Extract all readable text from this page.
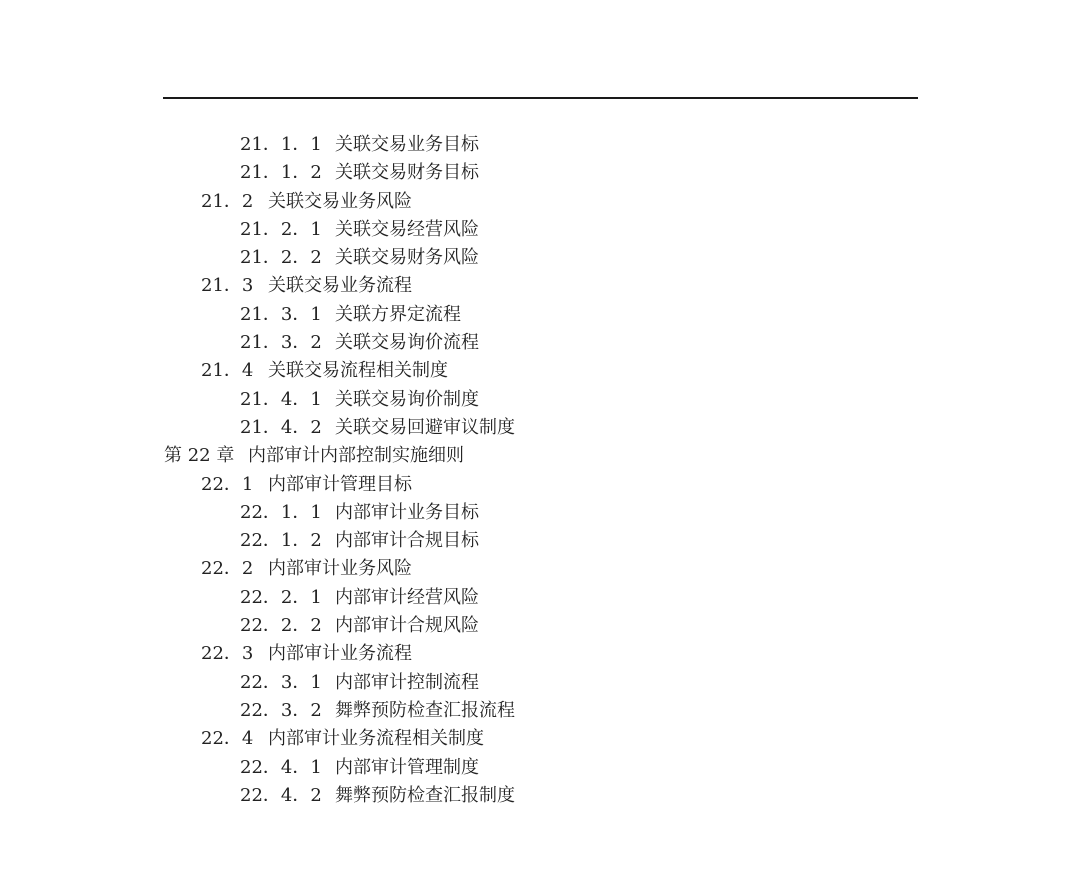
21．1．1 关联交易业务目标
21．1．2 关联交易财务目标
21．2 关联交易业务风险
21．2．1 关联交易经营风险
21．2．2 关联交易财务风险
21．3 关联交易业务流程
21．3．1 关联方界定流程
21．3．2 关联交易询价流程
21．4 关联交易流程相关制度
21．4．1 关联交易询价制度
21．4．2 关联交易回避审议制度
第 22 章 内部审计内部控制实施细则
22．1 内部审计管理目标
22．1．1 内部审计业务目标
22．1．2 内部审计合规目标
22．2 内部审计业务风险
22．2．1 内部审计经营风险
22．2．2 内部审计合规风险
22．3 内部审计业务流程
22．3．1 内部审计控制流程
22．3．2 舞弊预防检查汇报流程
22．4 内部审计业务流程相关制度
22．4．1 内部审计管理制度
22．4．2 舞弊预防检查汇报制度
